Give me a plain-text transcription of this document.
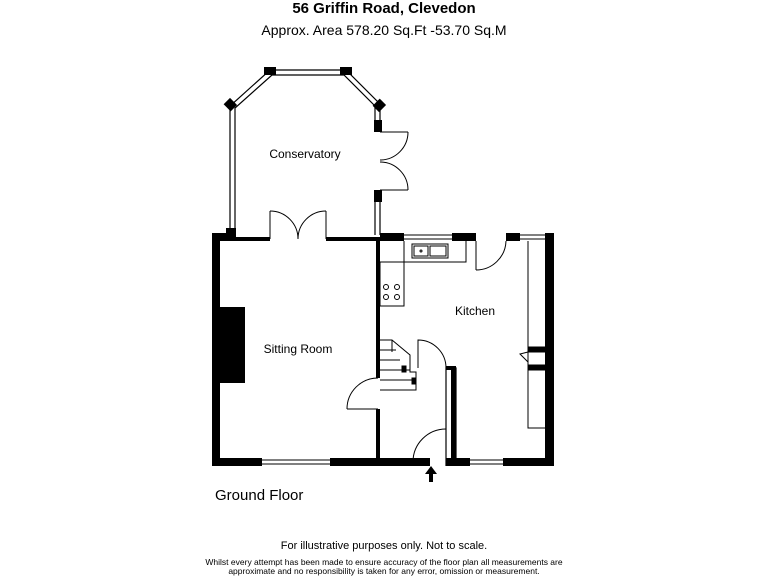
56 Griffin Road, Clevedon
Approx. Area 578.20 Sq.Ft -53.70 Sq.M
Conservatory
Sitting Room
Kitchen
Ground Floor
For illustrative purposes only. Not to scale.
Whilst every attempt has been made to ensure accuracy of the floor plan all measurements are
approximate and no responsibility is taken for any error, omission or measurement.
